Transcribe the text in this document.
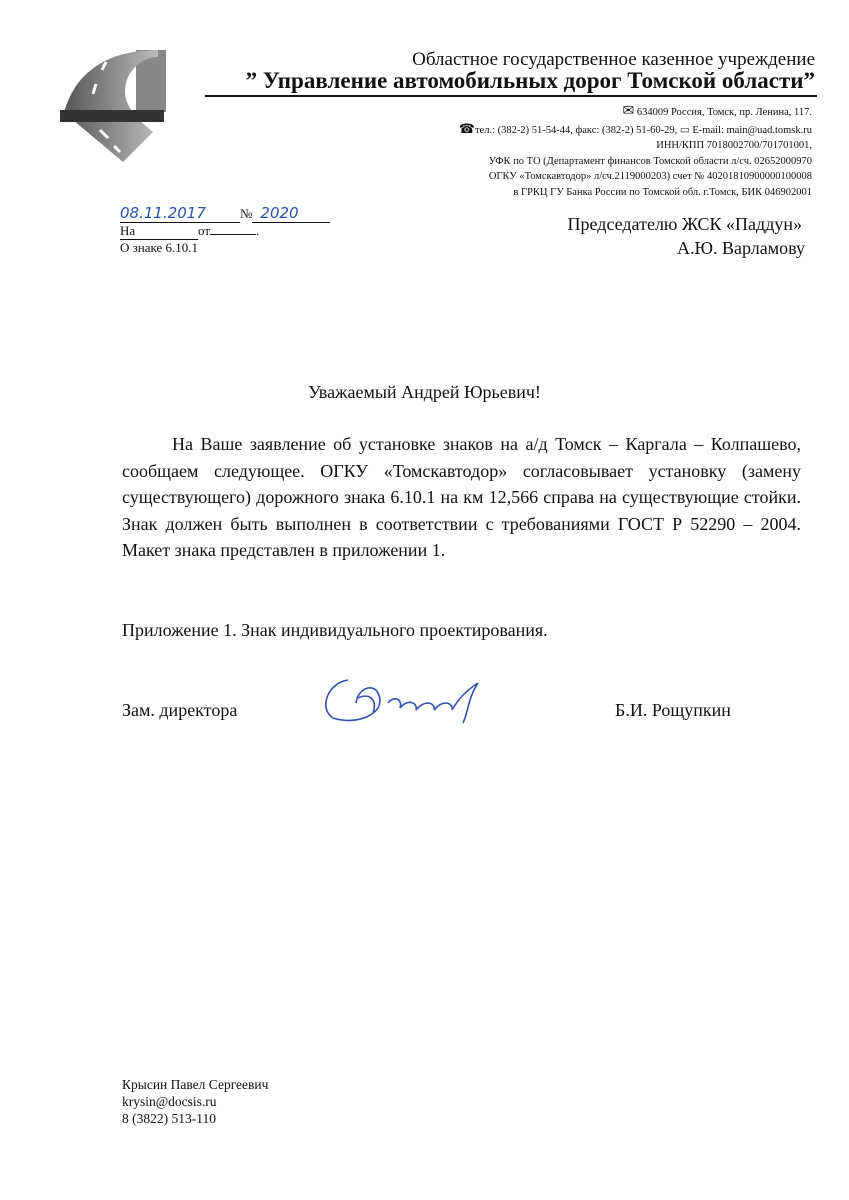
Областное государственное казенное учреждение
” Управление автомобильных дорог Томской области”
✉ 634009 Россия, Томск, пр. Ленина, 117.
☎тел.: (382-2) 51-54-44, факс: (382-2) 51-60-29, ▭ E-mail: main@uad.tomsk.ru
ИНН/КПП 7018002700/701701001,
УФК по ТО (Департамент финансов Томской области л/сч. 02652000970
ОГКУ «Томскавтодор» л/сч.2119000203) счет № 40201810900000100008
в ГРКЦ ГУ Банка России по Томской обл. г.Томск, БИК 046902001
08.11.2017	№ 2020
На	от	.
О знаке 6.10.1
Председателю ЖСК «Паддун»
А.Ю. Варламову
Уважаемый Андрей Юрьевич!
На Ваше заявление об установке знаков на а/д Томск – Каргала – Колпашево, сообщаем следующее. ОГКУ «Томскавтодор» согласовывает установку (замену существующего) дорожного знака 6.10.1 на км 12,566 справа на существующие стойки. Знак должен быть выполнен в соответствии с требованиями ГОСТ Р 52290 – 2004. Макет знака представлен в приложении 1.
Приложение 1. Знак индивидуального проектирования.
Зам. директора	Б.И. Рощупкин
Крысин Павел Сергеевич
krysin@docsis.ru
8 (3822) 513-110
